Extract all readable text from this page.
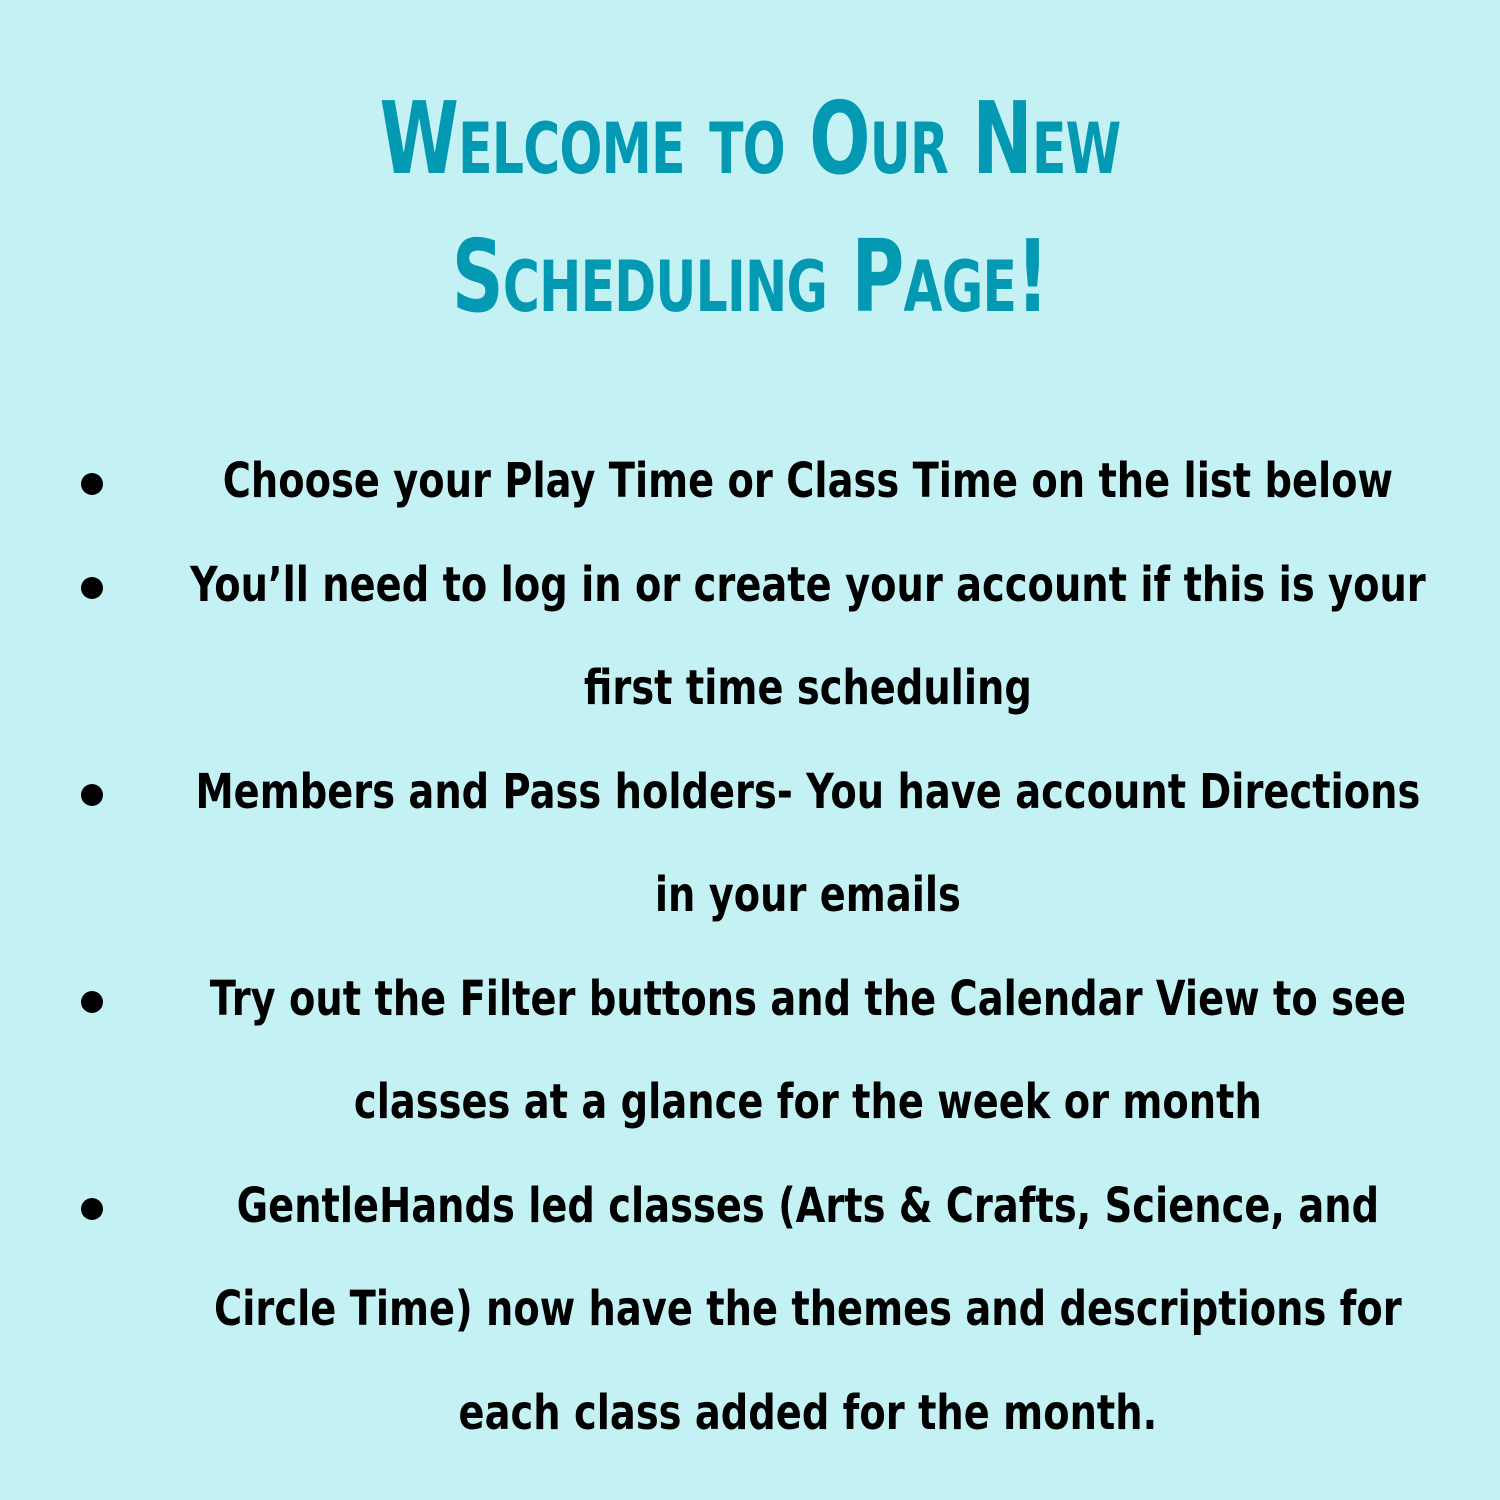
Welcome to Our New
Scheduling Page!
Choose your Play Time or Class Time on the list below
You’ll need to log in or create your account if this is your first time scheduling
Members and Pass holders- You have account Directions in your emails
Try out the Filter buttons and the Calendar View to see classes at a glance for the week or month
GentleHands led classes (Arts & Crafts, Science, and Circle Time) now have the themes and descriptions for each class added for the month.
